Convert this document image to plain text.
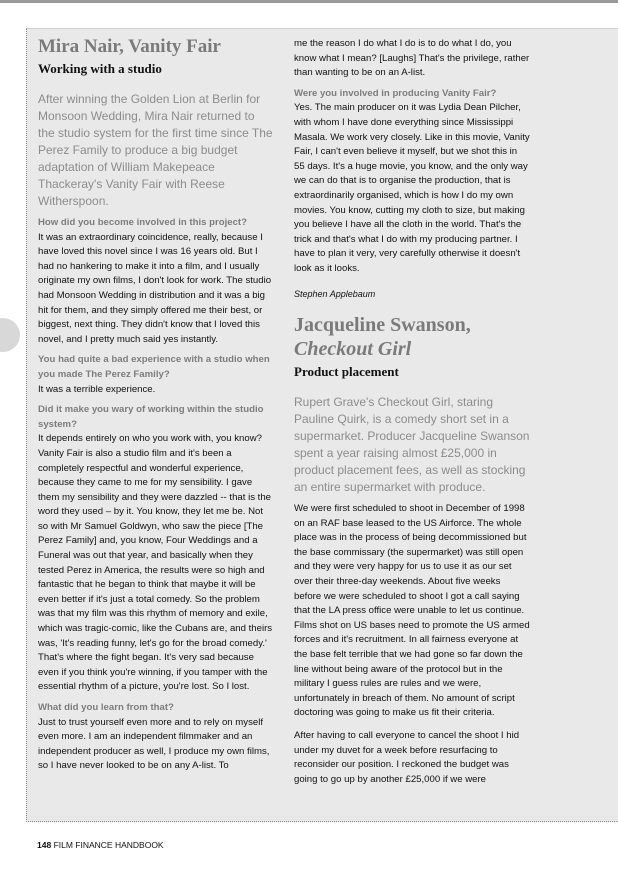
Mira Nair, Vanity Fair
Working with a studio

After winning the Golden Lion at Berlin for Monsoon Wedding, Mira Nair returned to the studio system for the first time since The Perez Family to produce a big budget adaptation of William Makepeace Thackeray's Vanity Fair with Reese Witherspoon.

How did you become involved in this project?

It was an extraordinary coincidence, really, because I have loved this novel since I was 16 years old. But I had no hankering to make it into a film, and I usually originate my own films, I don't look for work. The studio had Monsoon Wedding in distribution and it was a big hit for them, and they simply offered me their best, or biggest, next thing. They didn't know that I loved this novel, and I pretty much said yes instantly.

You had quite a bad experience with a studio when you made The Perez Family?

It was a terrible experience.

Did it make you wary of working within the studio system?

It depends entirely on who you work with, you know? Vanity Fair is also a studio film and it's been a completely respectful and wonderful experience, because they came to me for my sensibility. I gave them my sensibility and they were dazzled -- that is the word they used – by it. You know, they let me be. Not so with Mr Samuel Goldwyn, who saw the piece [The Perez Family] and, you know, Four Weddings and a Funeral was out that year, and basically when they tested Perez in America, the results were so high and fantastic that he began to think that maybe it will be even better if it's just a total comedy. So the problem was that my film was this rhythm of memory and exile, which was tragic-comic, like the Cubans are, and theirs was, 'It's reading funny, let's go for the broad comedy.' That's where the fight began. It's very sad because even if you think you're winning, if you tamper with the essential rhythm of a picture, you're lost. So I lost.

What did you learn from that?

Just to trust yourself even more and to rely on myself even more. I am an independent filmmaker and an independent producer as well, I produce my own films, so I have never looked to be on any A-list. To

me the reason I do what I do is to do what I do, you know what I mean? [Laughs] That's the privilege, rather than wanting to be on an A-list.

Were you involved in producing Vanity Fair?

Yes. The main producer on it was Lydia Dean Pilcher, with whom I have done everything since Mississippi Masala. We work very closely. Like in this movie, Vanity Fair, I can't even believe it myself, but we shot this in 55 days. It's a huge movie, you know, and the only way we can do that is to organise the production, that is extraordinarily organised, which is how I do my own movies. You know, cutting my cloth to size, but making you believe I have all the cloth in the world. That's the trick and that's what I do with my producing partner. I have to plan it very, very carefully otherwise it doesn't look as it looks.

Stephen Applebaum

Jacqueline Swanson,
Checkout Girl
Product placement

Rupert Grave's Checkout Girl, staring Pauline Quirk, is a comedy short set in a supermarket. Producer Jacqueline Swanson spent a year raising almost £25,000 in product placement fees, as well as stocking an entire supermarket with produce.

We were first scheduled to shoot in December of 1998 on an RAF base leased to the US Airforce. The whole place was in the process of being decommissioned but the base commissary (the supermarket) was still open and they were very happy for us to use it as our set over their three-day weekends. About five weeks before we were scheduled to shoot I got a call saying that the LA press office were unable to let us continue. Films shot on US bases need to promote the US armed forces and it's recruitment. In all fairness everyone at the base felt terrible that we had gone so far down the line without being aware of the protocol but in the military I guess rules are rules and we were, unfortunately in breach of them. No amount of script doctoring was going to make us fit their criteria.

After having to call everyone to cancel the shoot I hid under my duvet for a week before resurfacing to reconsider our position. I reckoned the budget was going to go up by another £25,000 if we were

148 FILM FINANCE HANDBOOK
